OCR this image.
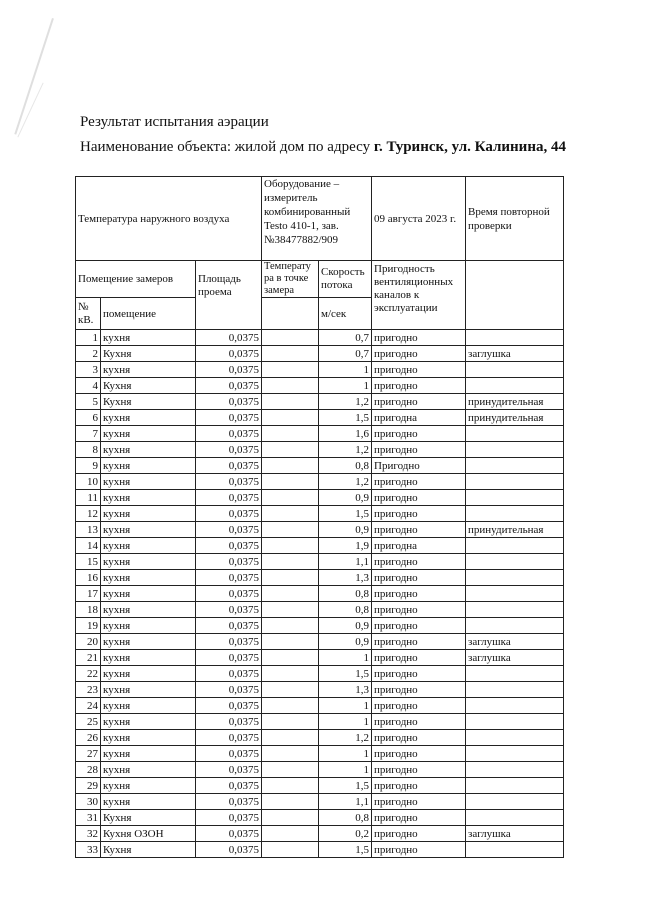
Результат испытания аэрации
Наименование объекта: жилой дом по адресу г. Туринск, ул. Калинина, 44
Температура наружного воздуха			Оборудование – измеритель комбинированный Testo 410-1, зав. №38477882/909		09 августа 2023 г.	Время повторной проверки
Помещение замеров		Площадь проема	Температу ра в точке замера	Скорость потока	Пригодность вентиляционных каналов к эксплуатации	
№ кВ.	помещение			м/сек		
1	кухня	0,0375		0,7	пригодно	
2	Кухня	0,0375		0,7	пригодно	заглушка
3	кухня	0,0375		1	пригодно	
4	Кухня	0,0375		1	пригодно	
5	Кухня	0,0375		1,2	пригодно	принудительная
6	кухня	0,0375		1,5	пригодна	принудительная
7	кухня	0,0375		1,6	пригодно	
8	кухня	0,0375		1,2	пригодно	
9	кухня	0,0375		0,8	Пригодно	
10	кухня	0,0375		1,2	пригодно	
11	кухня	0,0375		0,9	пригодно	
12	кухня	0,0375		1,5	пригодно	
13	кухня	0,0375		0,9	пригодно	принудительная
14	кухня	0,0375		1,9	пригодна	
15	кухня	0,0375		1,1	пригодно	
16	кухня	0,0375		1,3	пригодно	
17	кухня	0,0375		0,8	пригодно	
18	кухня	0,0375		0,8	пригодно	
19	кухня	0,0375		0,9	пригодно	
20	кухня	0,0375		0,9	пригодно	заглушка
21	кухня	0,0375		1	пригодно	заглушка
22	кухня	0,0375		1,5	пригодно	
23	кухня	0,0375		1,3	пригодно	
24	кухня	0,0375		1	пригодно	
25	кухня	0,0375		1	пригодно	
26	кухня	0,0375		1,2	пригодно	
27	кухня	0,0375		1	пригодно	
28	кухня	0,0375		1	пригодно	
29	кухня	0,0375		1,5	пригодно	
30	кухня	0,0375		1,1	пригодно	
31	Кухня	0,0375		0,8	пригодно	
32	Кухня ОЗОН	0,0375		0,2	пригодно	заглушка
33	Кухня	0,0375		1,5	пригодно	
